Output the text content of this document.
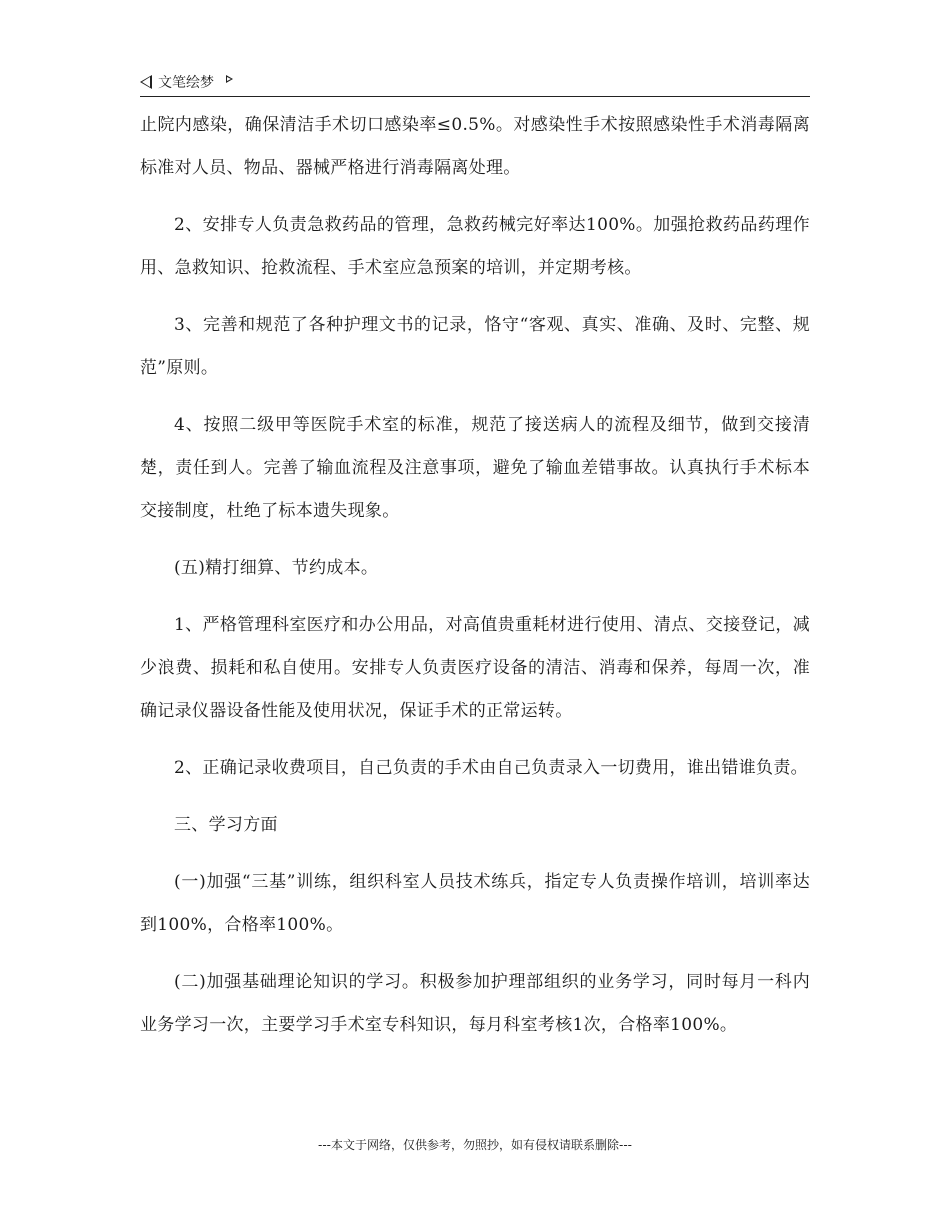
文笔绘梦

止院内感染，确保清洁手术切口感染率≤0.5%。对感染性手术按照感染性手术消毒隔离标准对人员、物品、器械严格进行消毒隔离处理。

2、安排专人负责急救药品的管理，急救药械完好率达100%。加强抢救药品药理作用、急救知识、抢救流程、手术室应急预案的培训，并定期考核。

3、完善和规范了各种护理文书的记录，恪守“客观、真实、准确、及时、完整、规范”原则。

4、按照二级甲等医院手术室的标准，规范了接送病人的流程及细节，做到交接清楚，责任到人。完善了输血流程及注意事项，避免了输血差错事故。认真执行手术标本交接制度，杜绝了标本遗失现象。

(五)精打细算、节约成本。

1、严格管理科室医疗和办公用品，对高值贵重耗材进行使用、清点、交接登记，减少浪费、损耗和私自使用。安排专人负责医疗设备的清洁、消毒和保养，每周一次，准确记录仪器设备性能及使用状况，保证手术的正常运转。

2、正确记录收费项目，自己负责的手术由自己负责录入一切费用，谁出错谁负责。

三、学习方面

(一)加强“三基”训练，组织科室人员技术练兵，指定专人负责操作培训，培训率达到100%，合格率100%。

(二)加强基础理论知识的学习。积极参加护理部组织的业务学习，同时每月一科内业务学习一次，主要学习手术室专科知识，每月科室考核1次，合格率100%。

---本文于网络，仅供参考，勿照抄，如有侵权请联系删除---
